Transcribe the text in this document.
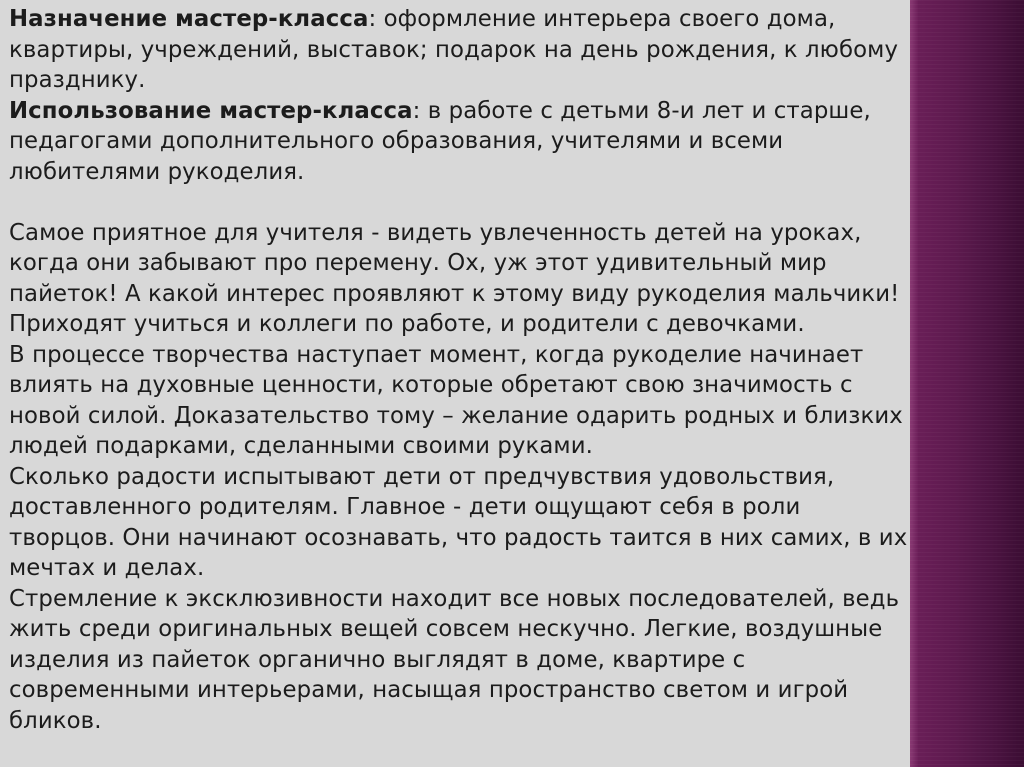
Назначение мастер-класса: оформление интерьера своего дома, квартиры, учреждений, выставок; подарок на день рождения, к любому празднику.

Использование мастер-класса: в работе с детьми 8-и лет и старше, педагогами дополнительного образования, учителями и всеми любителями рукоделия.

Самое приятное для учителя - видеть увлеченность детей на уроках, когда они забывают про перемену. Ох, уж этот удивительный мир пайеток! А какой интерес проявляют к этому виду рукоделия мальчики! Приходят учиться и коллеги по работе, и родители с девочками.

В процессе творчества наступает момент, когда рукоделие начинает влиять на духовные ценности, которые обретают свою значимость с новой силой. Доказательство тому – желание одарить родных и близких людей подарками, сделанными своими руками.

Сколько радости испытывают дети от предчувствия удовольствия, доставленного родителям. Главное - дети ощущают себя в роли творцов. Они начинают осознавать, что радость таится в них самих, в их мечтах и делах.

Стремление к эксклюзивности находит все новых последователей, ведь жить среди оригинальных вещей совсем нескучно. Легкие, воздушные изделия из пайеток органично выглядят в доме, квартире с современными интерьерами, насыщая пространство светом и игрой бликов.
